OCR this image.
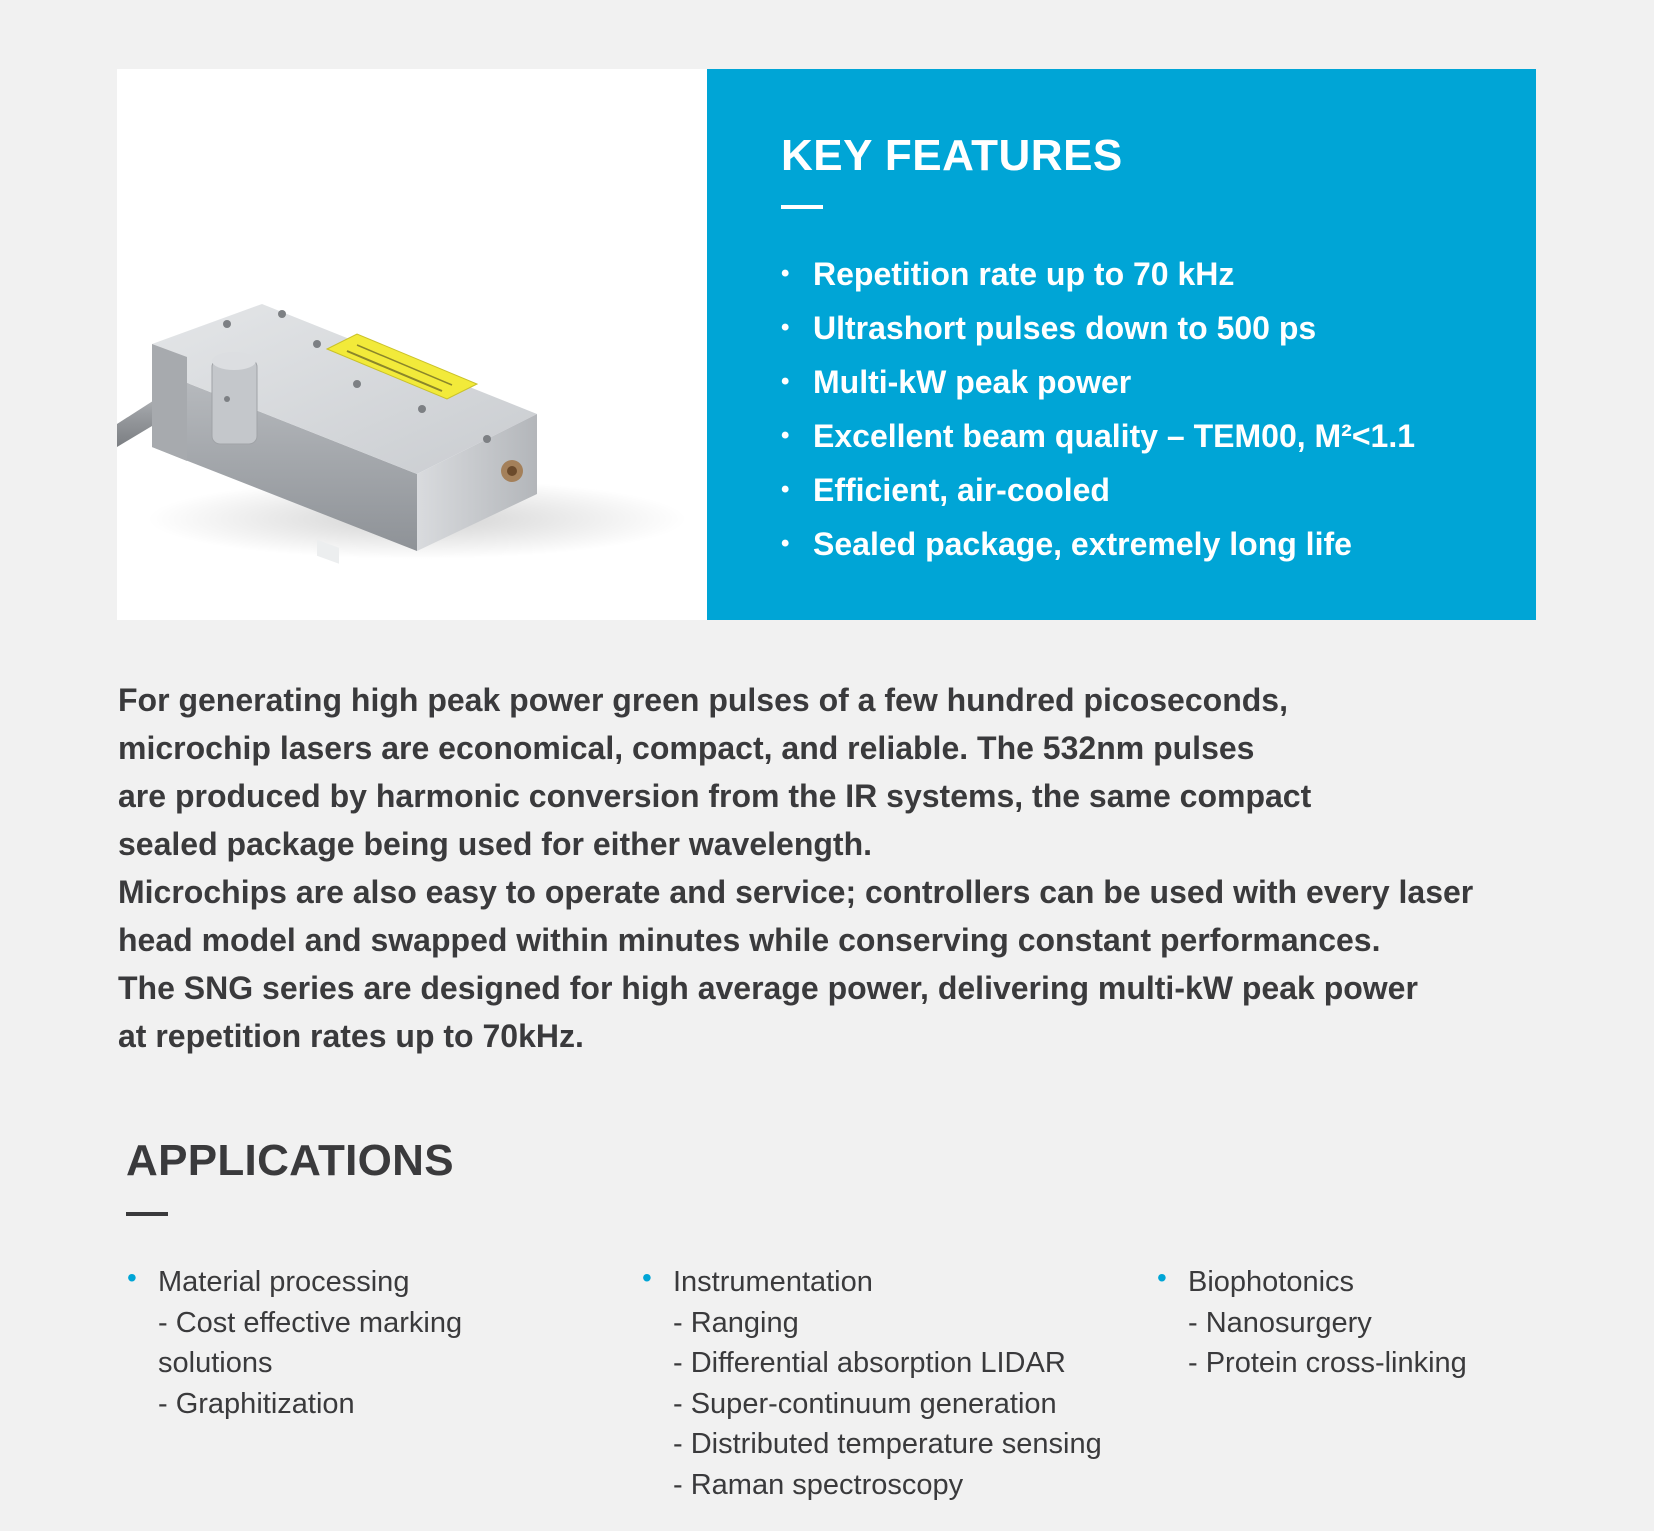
KEY FEATURES
• Repetition rate up to 70 kHz
• Ultrashort pulses down to 500 ps
• Multi-kW peak power
• Excellent beam quality – TEM00, M²<1.1
• Efficient, air-cooled
• Sealed package, extremely long life
For generating high peak power green pulses of a few hundred picoseconds,
microchip lasers are economical, compact, and reliable. The 532nm pulses
are produced by harmonic conversion from the IR systems, the same compact
sealed package being used for either wavelength.
Microchips are also easy to operate and service; controllers can be used with every laser
head model and swapped within minutes while conserving constant performances.
The SNG series are designed for high average power, delivering multi-kW peak power
at repetition rates up to 70kHz.
APPLICATIONS
• Material processing
- Cost effective marking solutions
- Graphitization
• Instrumentation
- Ranging
- Differential absorption LIDAR
- Super-continuum generation
- Distributed temperature sensing
- Raman spectroscopy
• Biophotonics
- Nanosurgery
- Protein cross-linking
